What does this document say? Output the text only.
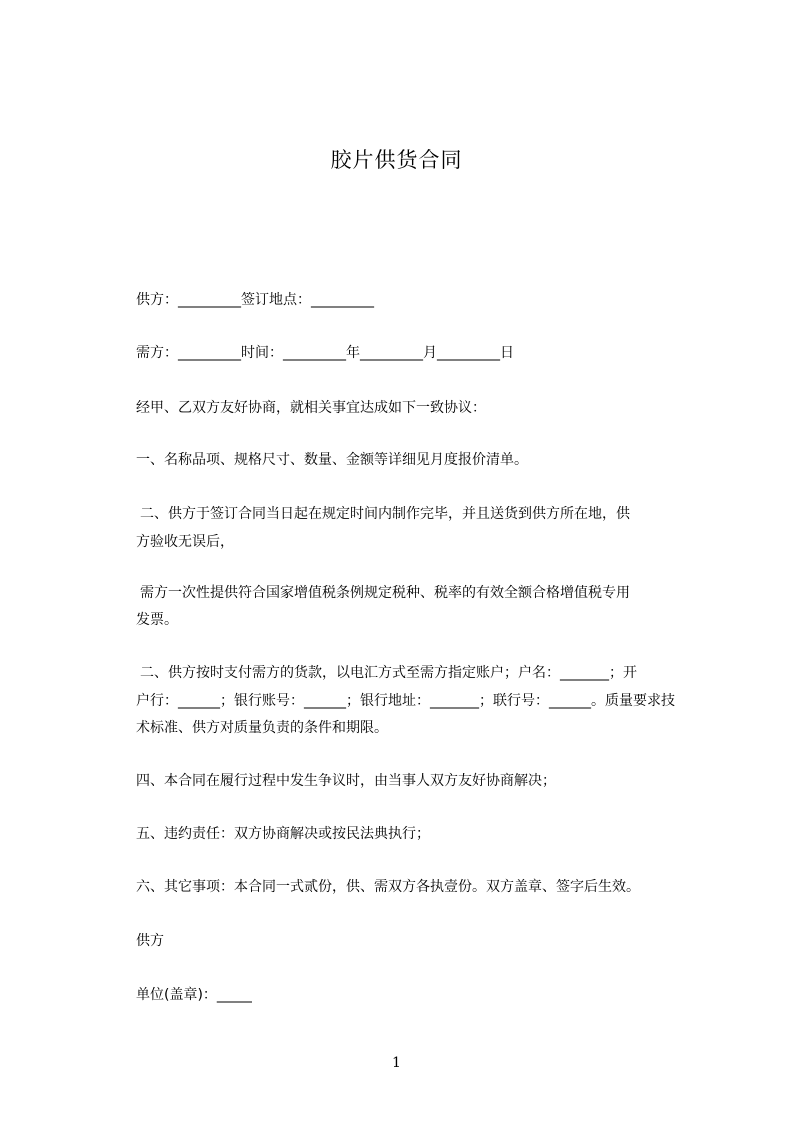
胶片供货合同
供方：_________签订地点：_________
需方：_________时间：_________年_________月_________日
经甲、乙双方友好协商，就相关事宜达成如下一致协议：
一、名称品项、规格尺寸、数量、金额等详细见月度报价清单。
二、供方于签订合同当日起在规定时间内制作完毕，并且送货到供方所在地，供
方验收无误后，
需方一次性提供符合国家增值税条例规定税种、税率的有效全额合格增值税专用
发票。
二、供方按时支付需方的货款，以电汇方式至需方指定账户；户名：_______；开
户行：______；银行账号：______；银行地址：_______；联行号：______。质量要求技
术标准、供方对质量负责的条件和期限。
四、本合同在履行过程中发生争议时，由当事人双方友好协商解决；
五、违约责任：双方协商解决或按民法典执行；
六、其它事项：本合同一式贰份，供、需双方各执壹份。双方盖章、签字后生效。
供方
单位(盖章)：_____
1
